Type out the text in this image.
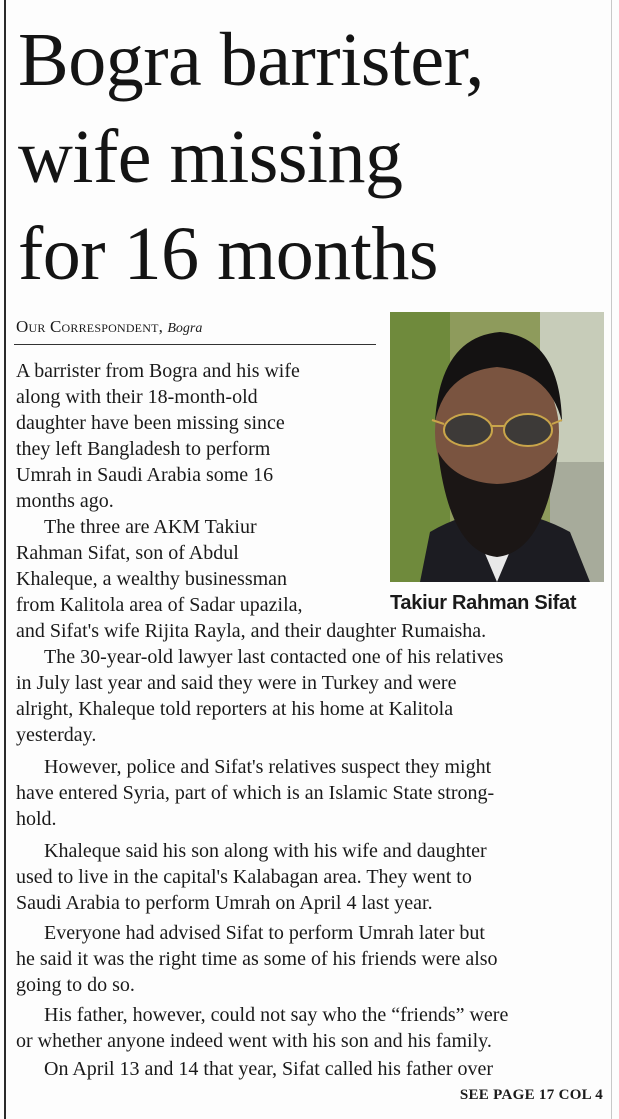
Bogra barrister,
wife missing
for 16 months
Our Correspondent, Bogra
Takiur Rahman Sifat
A barrister from Bogra and his wife
along with their 18-month-old
daughter have been missing since
they left Bangladesh to perform
Umrah in Saudi Arabia some 16
months ago.
The three are AKM Takiur
Rahman Sifat, son of Abdul
Khaleque, a wealthy businessman
from Kalitola area of Sadar upazila,
and Sifat's wife Rijita Rayla, and their daughter Rumaisha.
The 30-year-old lawyer last contacted one of his relatives
in July last year and said they were in Turkey and were
alright, Khaleque told reporters at his home at Kalitola
yesterday.
However, police and Sifat's relatives suspect they might
have entered Syria, part of which is an Islamic State strong-
hold.
Khaleque said his son along with his wife and daughter
used to live in the capital's Kalabagan area. They went to
Saudi Arabia to perform Umrah on April 4 last year.
Everyone had advised Sifat to perform Umrah later but
he said it was the right time as some of his friends were also
going to do so.
His father, however, could not say who the “friends” were
or whether anyone indeed went with his son and his family.
On April 13 and 14 that year, Sifat called his father over
SEE PAGE 17 COL 4
